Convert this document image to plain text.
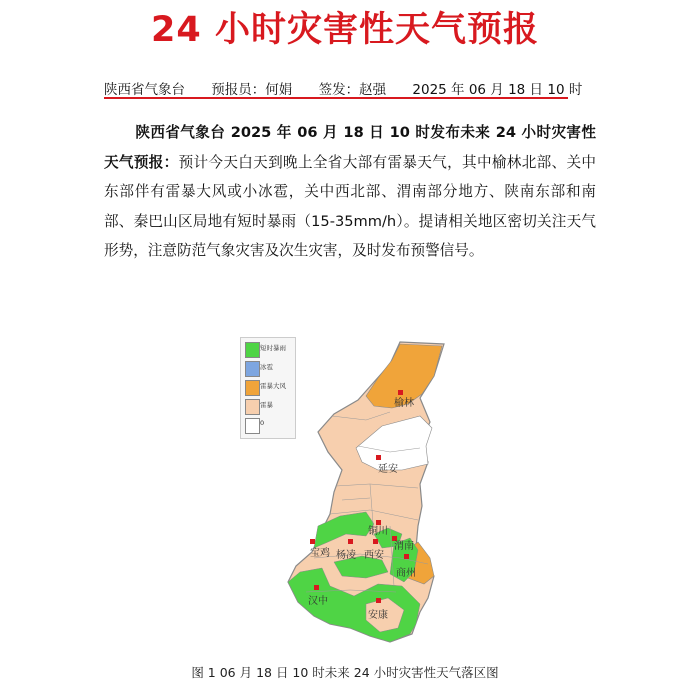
24 小时灾害性天气预报
陕西省气象台 预报员：何娟 签发：赵强 2025 年 06 月 18 日 10 时
陕西省气象台 2025 年 06 月 18 日 10 时发布未来 24 小时灾害性天气预报：预计今天白天到晚上全省大部有雷暴天气，其中榆林北部、关中东部伴有雷暴大风或小冰雹，关中西北部、渭南部分地方、陕南东部和南部、秦巴山区局地有短时暴雨（15-35mm/h）。提请相关地区密切关注天气形势，注意防范气象灾害及次生灾害，及时发布预警信号。
短时暴雨
冰雹
雷暴大风
雷暴
0
榆林
延安
铜川
宝鸡 杨凌 西安
渭南
商州
汉中
安康
图 1 06 月 18 日 10 时未来 24 小时灾害性天气落区图
